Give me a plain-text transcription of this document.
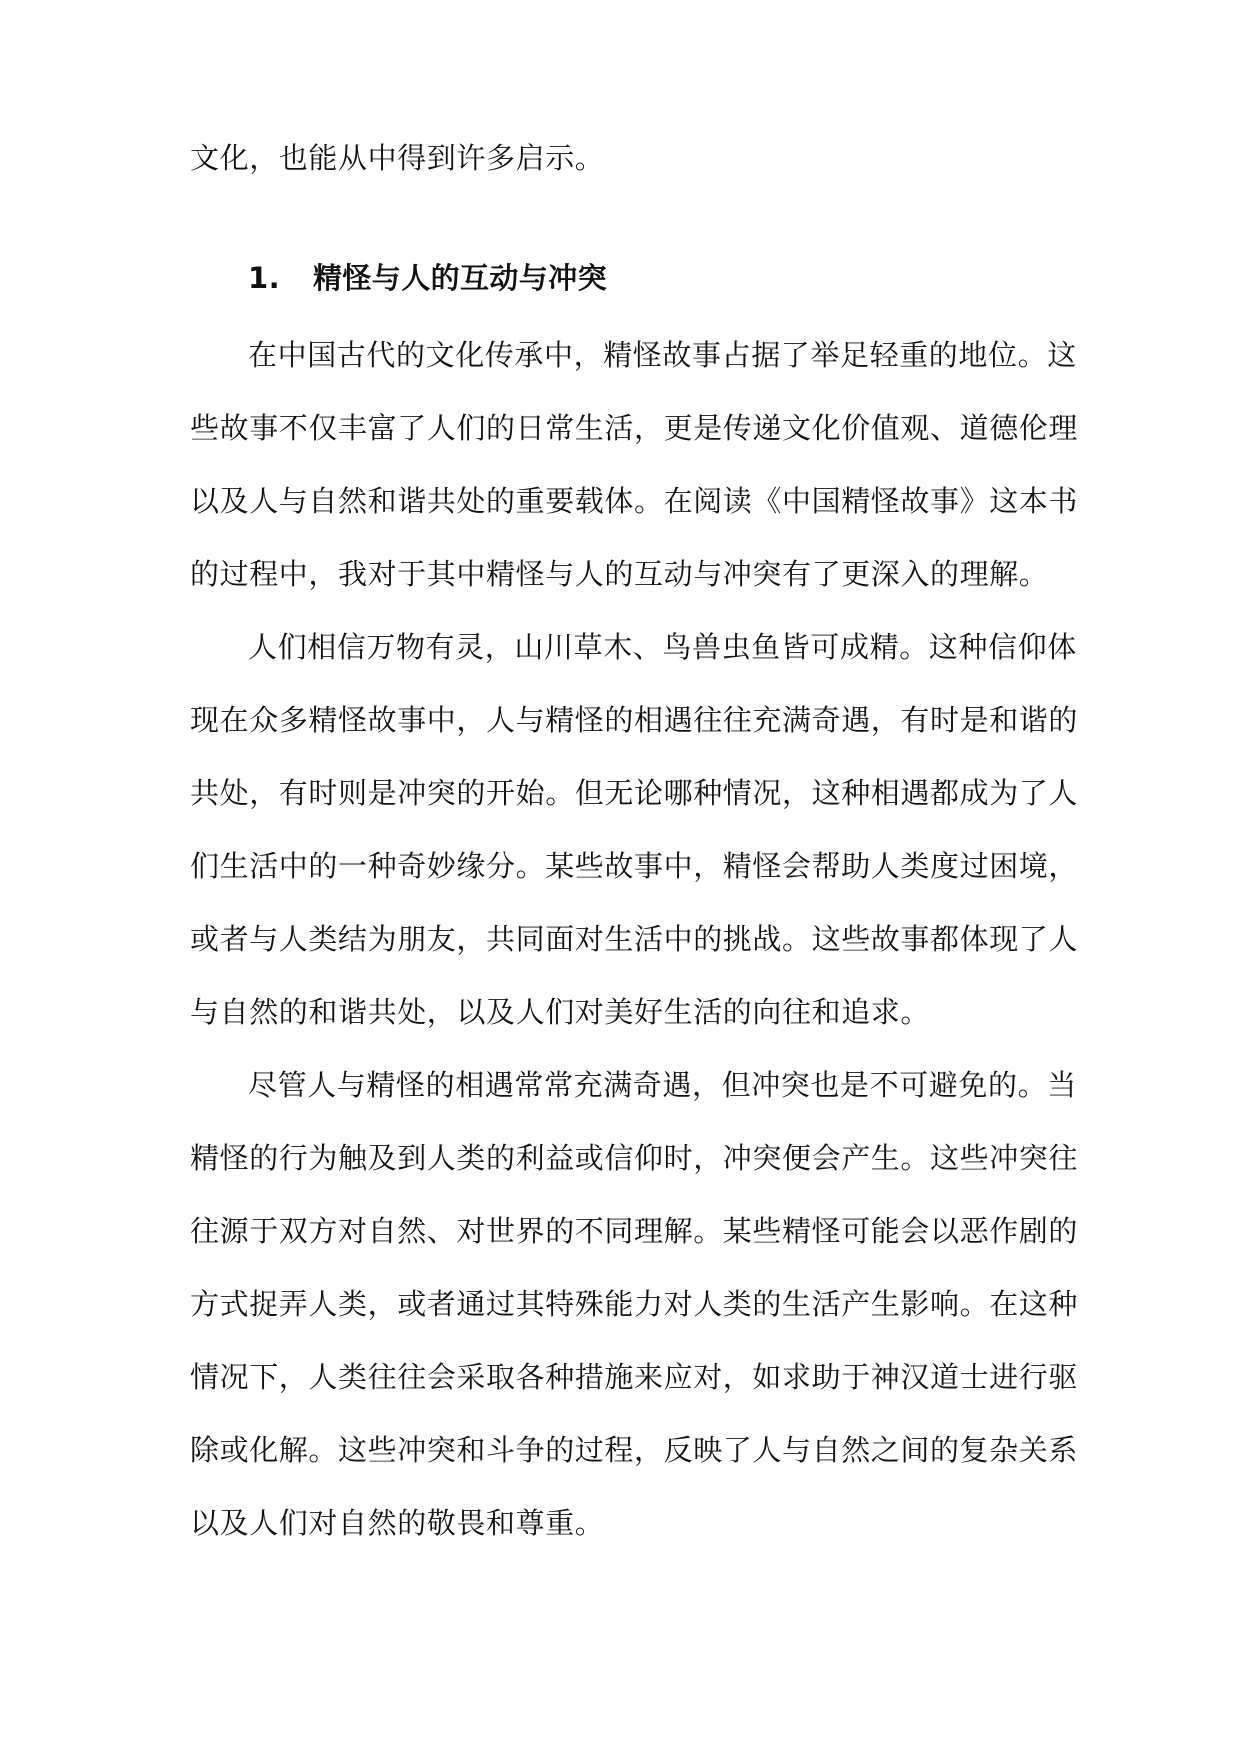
文化，也能从中得到许多启示。
1. 精怪与人的互动与冲突
在中国古代的文化传承中，精怪故事占据了举足轻重的地位。这
些故事不仅丰富了人们的日常生活，更是传递文化价值观、道德伦理
以及人与自然和谐共处的重要载体。在阅读《中国精怪故事》这本书
的过程中，我对于其中精怪与人的互动与冲突有了更深入的理解。
人们相信万物有灵，山川草木、鸟兽虫鱼皆可成精。这种信仰体
现在众多精怪故事中，人与精怪的相遇往往充满奇遇，有时是和谐的
共处，有时则是冲突的开始。但无论哪种情况，这种相遇都成为了人
们生活中的一种奇妙缘分。某些故事中，精怪会帮助人类度过困境，
或者与人类结为朋友，共同面对生活中的挑战。这些故事都体现了人
与自然的和谐共处，以及人们对美好生活的向往和追求。
尽管人与精怪的相遇常常充满奇遇，但冲突也是不可避免的。当
精怪的行为触及到人类的利益或信仰时，冲突便会产生。这些冲突往
往源于双方对自然、对世界的不同理解。某些精怪可能会以恶作剧的
方式捉弄人类，或者通过其特殊能力对人类的生活产生影响。在这种
情况下，人类往往会采取各种措施来应对，如求助于神汉道士进行驱
除或化解。这些冲突和斗争的过程，反映了人与自然之间的复杂关系
以及人们对自然的敬畏和尊重。
